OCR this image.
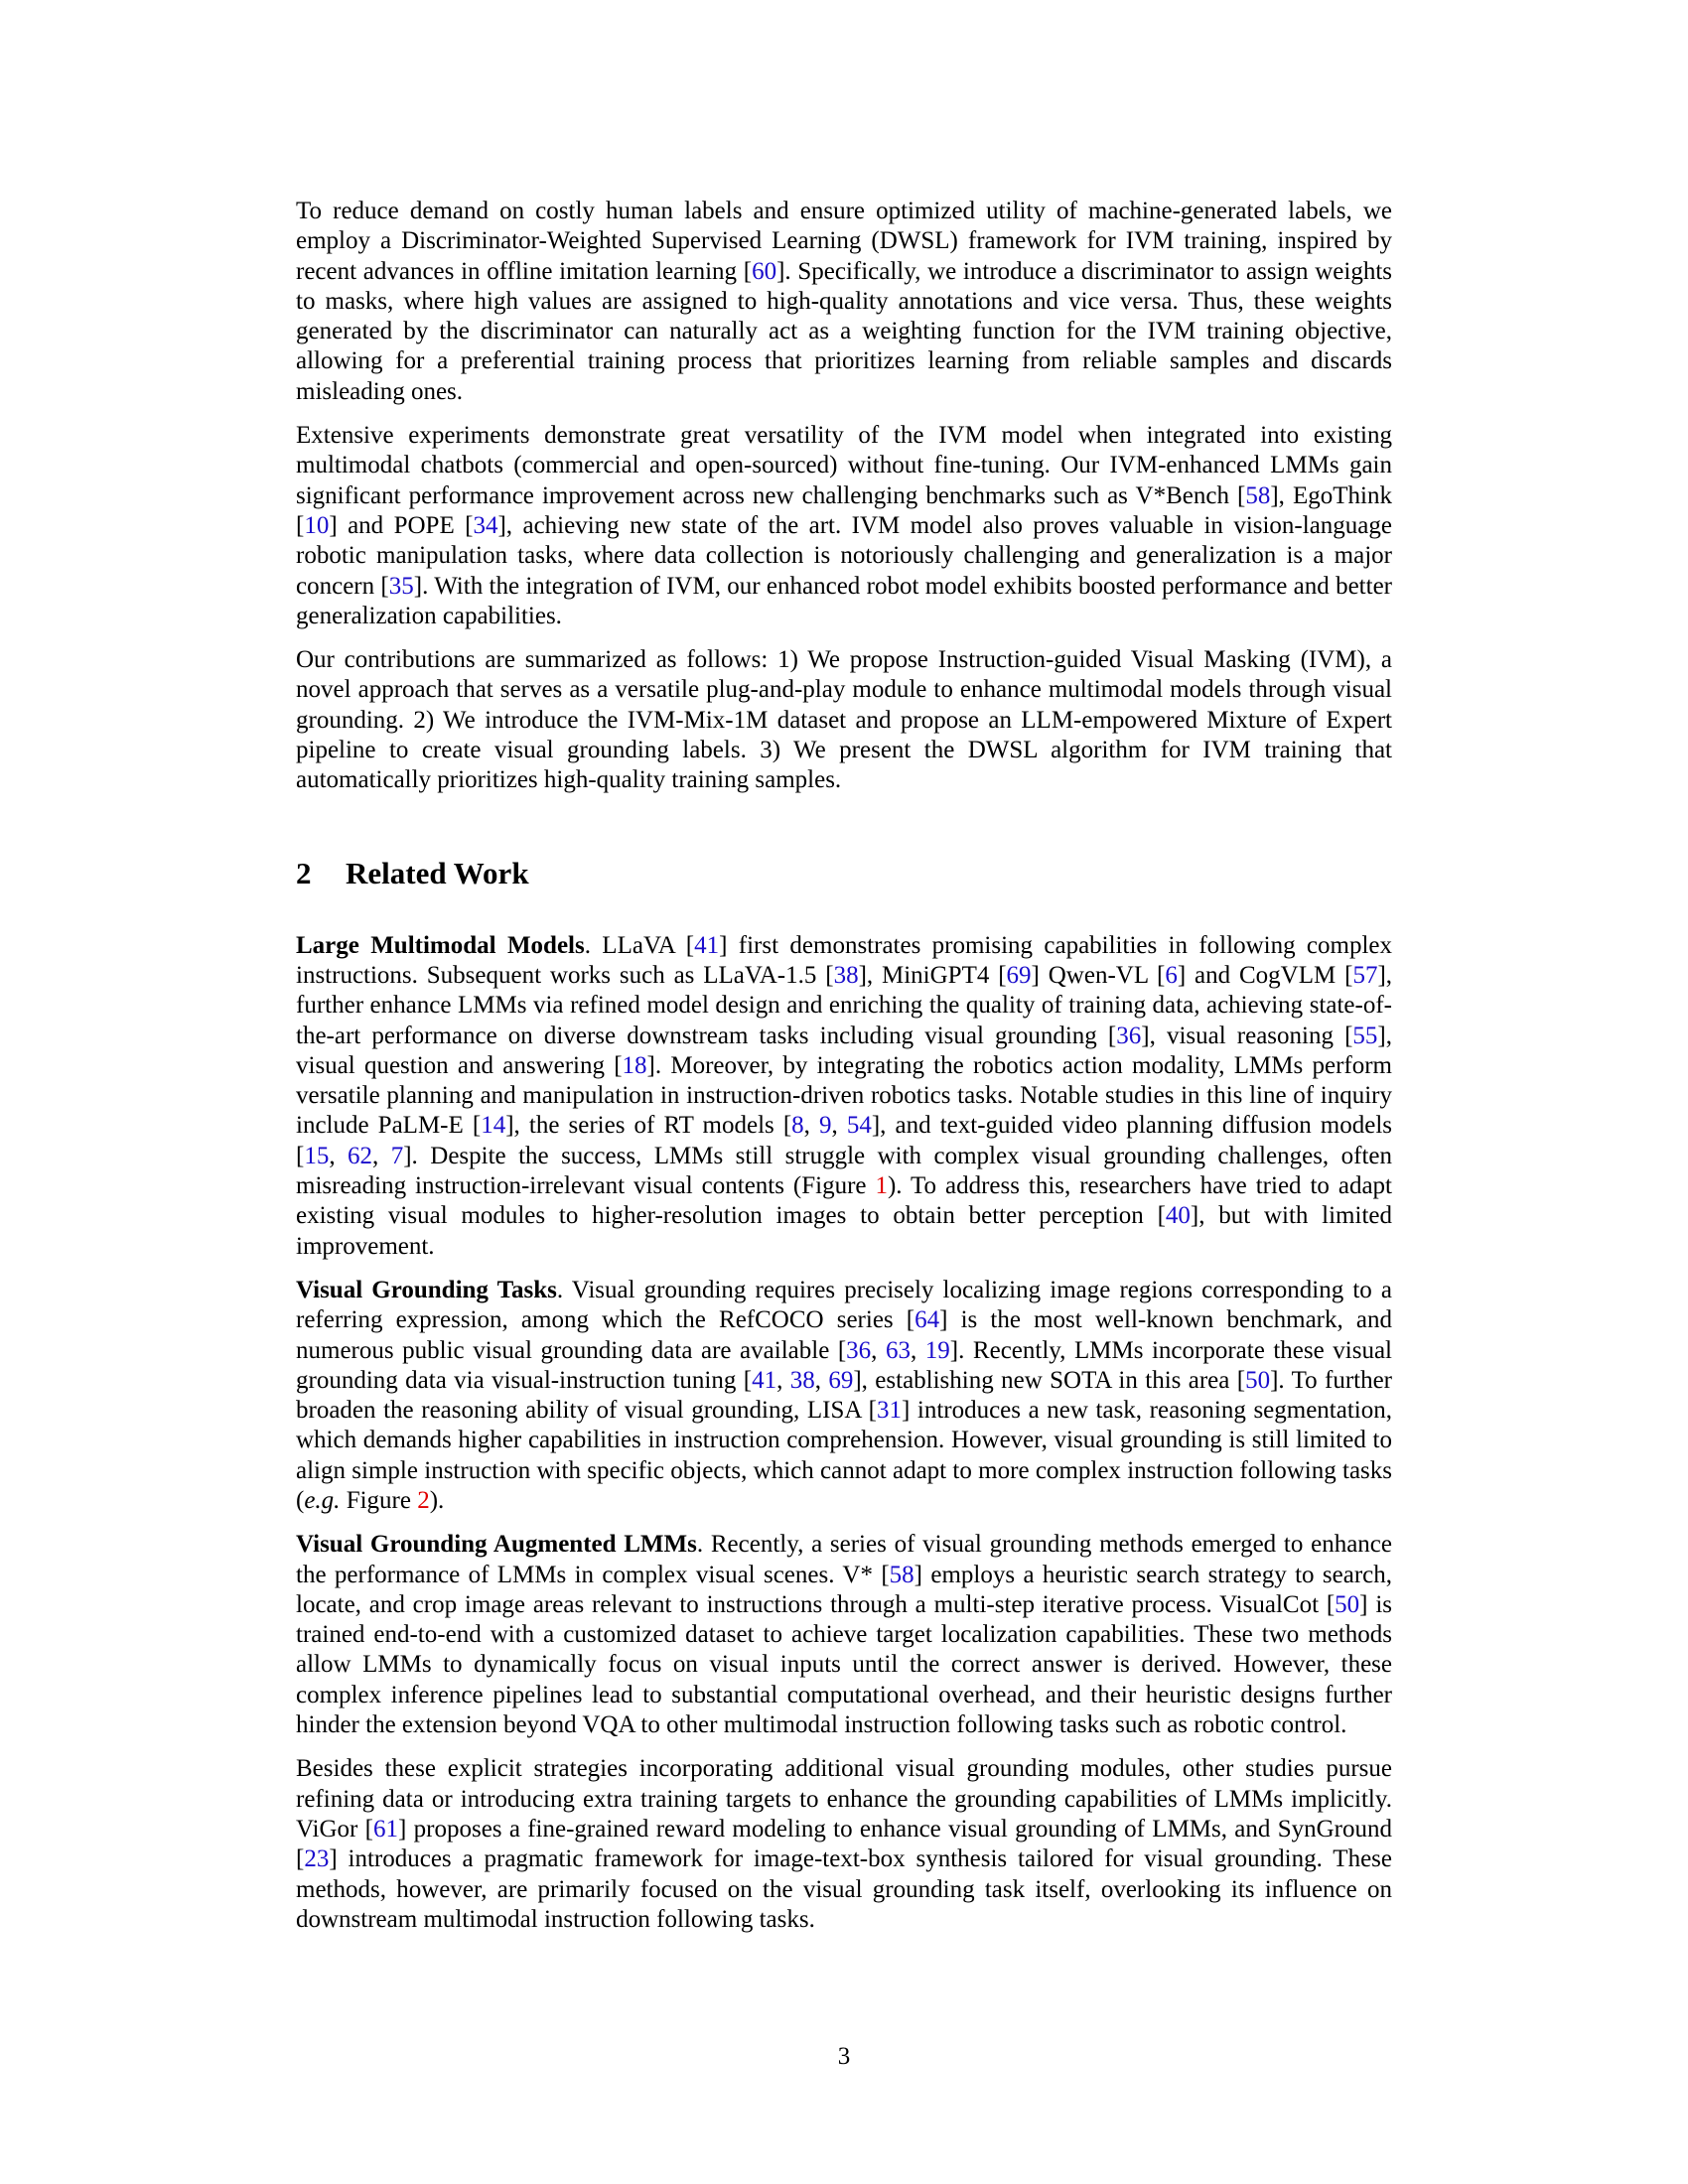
To reduce demand on costly human labels and ensure optimized utility of machine-generated labels, we employ a Discriminator-Weighted Supervised Learning (DWSL) framework for IVM training, inspired by recent advances in offline imitation learning [60]. Specifically, we introduce a discriminator to assign weights to masks, where high values are assigned to high-quality annotations and vice versa. Thus, these weights generated by the discriminator can naturally act as a weighting function for the IVM training objective, allowing for a preferential training process that prioritizes learning from reliable samples and discards misleading ones.

Extensive experiments demonstrate great versatility of the IVM model when integrated into existing multimodal chatbots (commercial and open-sourced) without fine-tuning. Our IVM-enhanced LMMs gain significant performance improvement across new challenging benchmarks such as V*Bench [58], EgoThink [10] and POPE [34], achieving new state of the art. IVM model also proves valuable in vision-language robotic manipulation tasks, where data collection is notoriously challenging and generalization is a major concern [35]. With the integration of IVM, our enhanced robot model exhibits boosted performance and better generalization capabilities.

Our contributions are summarized as follows: 1) We propose Instruction-guided Visual Masking (IVM), a novel approach that serves as a versatile plug-and-play module to enhance multimodal models through visual grounding. 2) We introduce the IVM-Mix-1M dataset and propose an LLM-empowered Mixture of Expert pipeline to create visual grounding labels. 3) We present the DWSL algorithm for IVM training that automatically prioritizes high-quality training samples.

2 Related Work

Large Multimodal Models. LLaVA [41] first demonstrates promising capabilities in following complex instructions. Subsequent works such as LLaVA-1.5 [38], MiniGPT4 [69] Qwen-VL [6] and CogVLM [57], further enhance LMMs via refined model design and enriching the quality of training data, achieving state-of-the-art performance on diverse downstream tasks including visual grounding [36], visual reasoning [55], visual question and answering [18]. Moreover, by integrating the robotics action modality, LMMs perform versatile planning and manipulation in instruction-driven robotics tasks. Notable studies in this line of inquiry include PaLM-E [14], the series of RT models [8, 9, 54], and text-guided video planning diffusion models [15, 62, 7]. Despite the success, LMMs still struggle with complex visual grounding challenges, often misreading instruction-irrelevant visual contents (Figure 1). To address this, researchers have tried to adapt existing visual modules to higher-resolution images to obtain better perception [40], but with limited improvement.

Visual Grounding Tasks. Visual grounding requires precisely localizing image regions corresponding to a referring expression, among which the RefCOCO series [64] is the most well-known benchmark, and numerous public visual grounding data are available [36, 63, 19]. Recently, LMMs incorporate these visual grounding data via visual-instruction tuning [41, 38, 69], establishing new SOTA in this area [50]. To further broaden the reasoning ability of visual grounding, LISA [31] introduces a new task, reasoning segmentation, which demands higher capabilities in instruction comprehension. However, visual grounding is still limited to align simple instruction with specific objects, which cannot adapt to more complex instruction following tasks (e.g. Figure 2).

Visual Grounding Augmented LMMs. Recently, a series of visual grounding methods emerged to enhance the performance of LMMs in complex visual scenes. V* [58] employs a heuristic search strategy to search, locate, and crop image areas relevant to instructions through a multi-step iterative process. VisualCot [50] is trained end-to-end with a customized dataset to achieve target localization capabilities. These two methods allow LMMs to dynamically focus on visual inputs until the correct answer is derived. However, these complex inference pipelines lead to substantial computational overhead, and their heuristic designs further hinder the extension beyond VQA to other multimodal instruction following tasks such as robotic control.

Besides these explicit strategies incorporating additional visual grounding modules, other studies pursue refining data or introducing extra training targets to enhance the grounding capabilities of LMMs implicitly. ViGor [61] proposes a fine-grained reward modeling to enhance visual grounding of LMMs, and SynGround [23] introduces a pragmatic framework for image-text-box synthesis tailored for visual grounding. These methods, however, are primarily focused on the visual grounding task itself, overlooking its influence on downstream multimodal instruction following tasks.

3
